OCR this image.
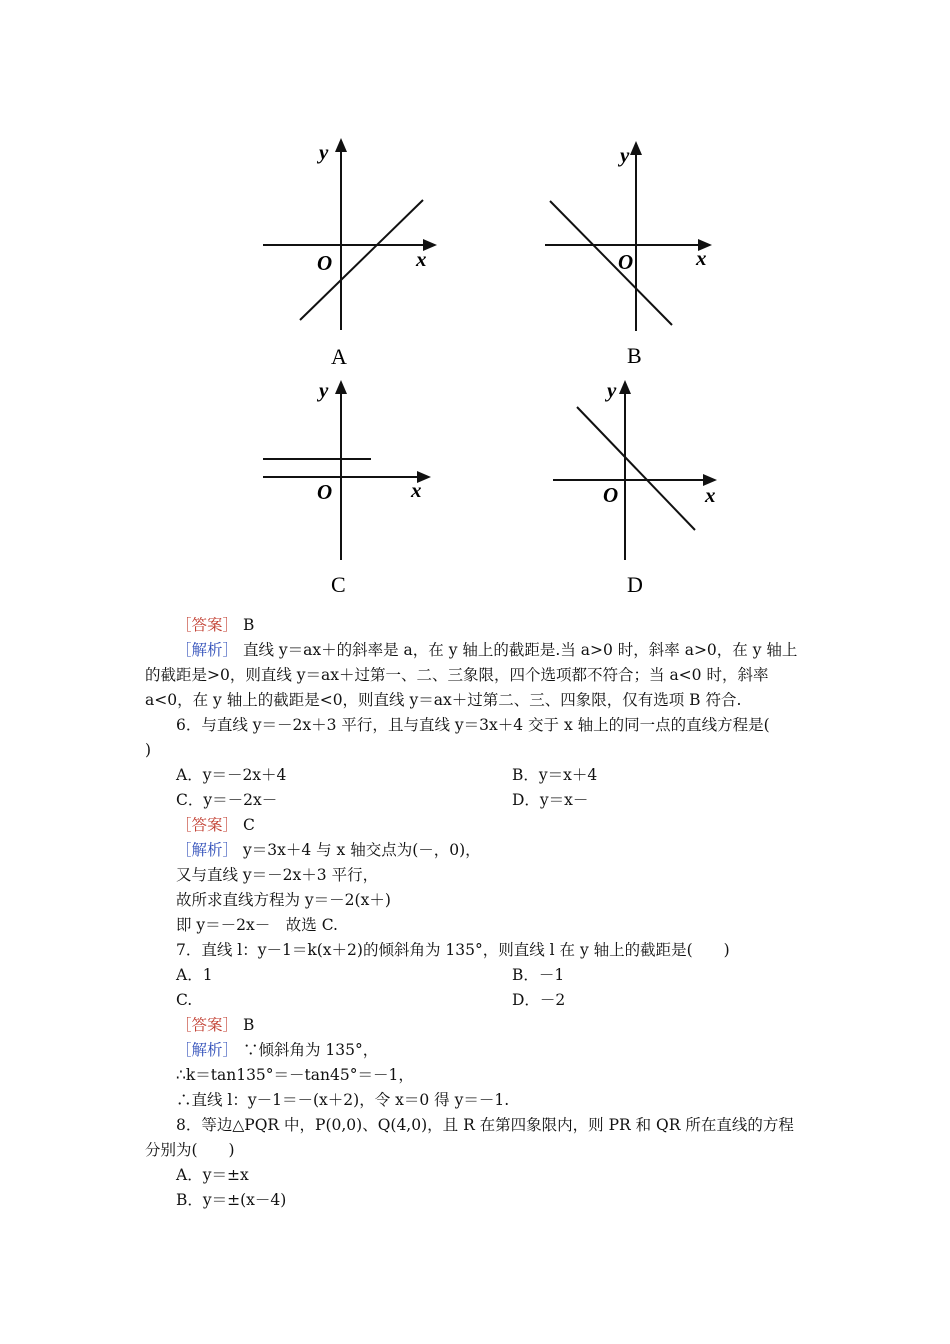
y
x
O
A
y
x
O
B
y
x
O
C
y
x
O
D
［答案］ B
［解析］ 直线 y＝ax＋的斜率是 a，在 y 轴上的截距是.当 a>0 时，斜率 a>0，在 y 轴上
的截距是>0，则直线 y＝ax＋过第一、二、三象限，四个选项都不符合；当 a<0 时，斜率
a<0，在 y 轴上的截距是<0，则直线 y＝ax＋过第二、三、四象限，仅有选项 B 符合.
6．与直线 y＝－2x＋3 平行，且与直线 y＝3x＋4 交于 x 轴上的同一点的直线方程是(
)
A．y＝－2x＋4	B．y＝x＋4
C．y＝－2x－	D．y＝x－
［答案］ C
［解析］ y＝3x＋4 与 x 轴交点为(－，0)，
又与直线 y＝－2x＋3 平行，
故所求直线方程为 y＝－2(x＋)
即 y＝－2x－　故选 C.
7．直线 l：y－1＝k(x＋2)的倾斜角为 135°，则直线 l 在 y 轴上的截距是(　　)
A．1	B．－1
C.	D．－2
［答案］ B
［解析］ ∵倾斜角为 135°，
∴k＝tan135°＝－tan45°＝－1，
∴直线 l：y－1＝－(x＋2)，令 x＝0 得 y＝－1.
8．等边△PQR 中，P(0,0)、Q(4,0)，且 R 在第四象限内，则 PR 和 QR 所在直线的方程
分别为(　　)
A．y＝±x
B．y＝±(x－4)
